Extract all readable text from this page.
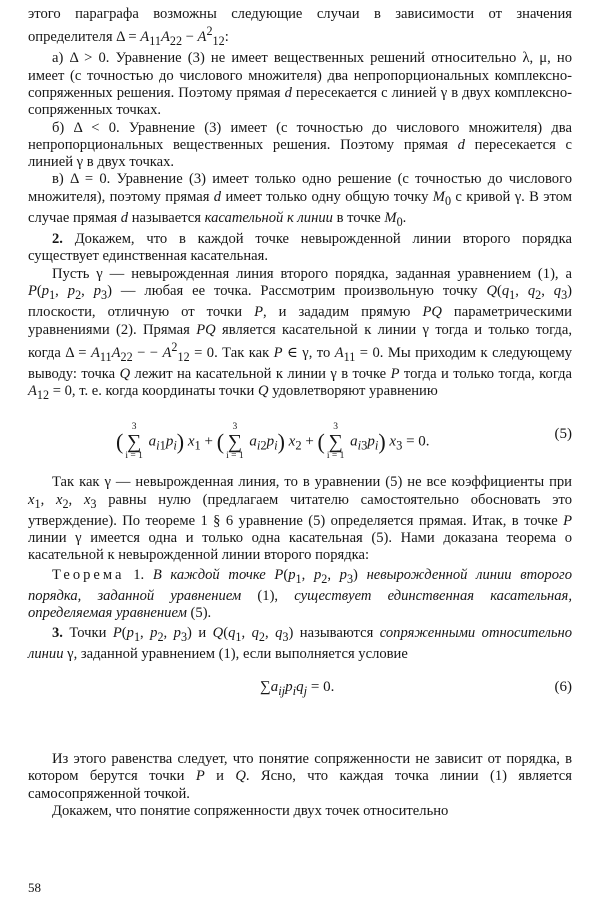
этого параграфа возможны следующие случаи в зависимости от значения определителя $\Delta = A_{11}A_{22} - A^2_{12}$:

а) Δ > 0. Уравнение (3) не имеет вещественных решений относительно λ, μ, но имеет (с точностью до числового множителя) два непропорциональных комплексно-сопряженных решения. Поэтому прямая d пересекается с линией γ в двух комплексно-сопряженных точках.

б) Δ < 0. Уравнение (3) имеет (с точностью до числового множителя) два непропорциональных вещественных решения. Поэтому прямая d пересекается с линией γ в двух точках.

в) Δ = 0. Уравнение (3) имеет только одно решение (с точностью до числового множителя), поэтому прямая d имеет только одну общую точку $M_0$ с кривой γ. В этом случае прямая d называется касательной к линии в точке $M_0$.

2. Докажем, что в каждой точке невырожденной линии второго порядка существует единственная касательная.

Пусть γ — невырожденная линия второго порядка, заданная уравнением (1), а $P(p_1$, $p_2$, $p_3$) — любая ее точка. Рассмотрим произвольную точку $Q(q_1$, $q_2$, $q_3$) плоскости, отличную от точки P, и зададим прямую PQ параметрическими уравнениями (2). Прямая PQ является касательной к линии γ тогда и только тогда, когда $\Delta = A_{11}A_{22}$ − − $A^2_{12} = 0$. Так как P ∈ γ, то $A_{11} = 0$. Мы приходим к следующему выводу: точка Q лежит на касательной к линии γ в точке P тогда и только тогда, когда $A_{12} = 0$, т. е. когда координаты точки Q удовлетворяют уравнению

(
3
∑
i = 1
$a_{i1}p_i$) $x_1$ + (
3
∑
i = 1
$a_{i2}p_i$) $x_2$ + (
3
∑
i = 1
$a_{i3}p_i$) $x_3 = 0$.	(5)

Так как γ — невырожденная линия, то в уравнении (5) не все коэффициенты при $x_1$, $x_2$, $x_3$ равны нулю (предлагаем читателю самостоятельно обосновать это утверждение). По теореме 1 § 6 уравнение (5) определяется прямая. Итак, в точке P линии γ имеется одна и только одна касательная (5). Нами доказана теорема о касательной к невырожденной линии второго порядка:

Теорема 1. В каждой точке $P(p_1$, $p_2$, $p_3$) невырожденной линии второго порядка, заданной уравнением (1), существует единственная касательная, определяемая уравнением (5).

3. Точки $P(p_1$, $p_2$, $p_3$) и $Q(q_1$, $q_2$, $q_3$) называются сопряженными относительно линии γ, заданной уравнением (1), если выполняется условие

$\sum a_{ij}p_iq_j = 0$.	(6)

Из этого равенства следует, что понятие сопряженности не зависит от порядка, в котором берутся точки P и Q. Ясно, что каждая точка линии (1) является самосопряженной точкой.

Докажем, что понятие сопряженности двух точек относительно

58
